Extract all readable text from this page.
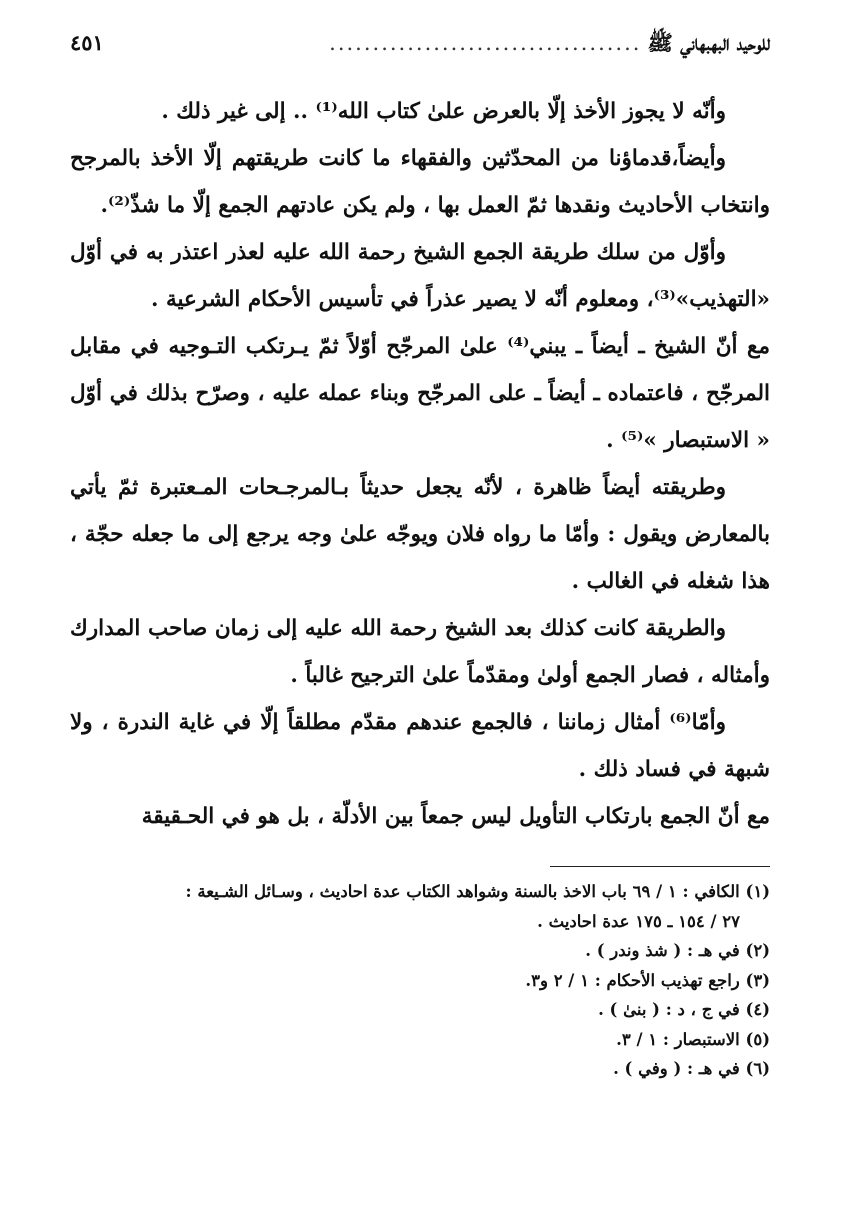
للوحيد البهبهاني ﷺ
....................................
٤٥١

وأنّه لا يجوز الأخذ إلّا بالعرض علىٰ كتاب الله⁽¹⁾ .. إلى غير ذلك .

وأيضاً،قدماؤنا من المحدّثين والفقهاء ما كانت طريقتهم إلّا الأخذ بالمرجح وانتخاب الأحاديث ونقدها ثمّ العمل بها ، ولم يكن عادتهم الجمع إلّا ما شذّ⁽²⁾.

وأوّل من سلك طريقة الجمع الشيخ رحمة الله عليه لعذر اعتذر به في أوّل «التهذيب»⁽³⁾، ومعلوم أنّه لا يصير عذراً في تأسيس الأحكام الشرعية .

مع أنّ الشيخ ـ أيضاً ـ يبني⁽⁴⁾ علىٰ المرجّح أوّلاً ثمّ يـرتكب التـوجيه في مقابل المرجّح ، فاعتماده ـ أيضاً ـ على المرجّح وبناء عمله عليه ، وصرّح بذلك في أوّل « الاستبصار »⁽⁵⁾ .

وطريقته أيضاً ظاهرة ، لأنّه يجعل حديثاً بـالمرجـحات المـعتبرة ثمّ يأتي بالمعارض ويقول : وأمّا ما رواه فلان ويوجّه علىٰ وجه يرجع إلى ما جعله حجّة ، هذا شغله في الغالب .

والطريقة كانت كذلك بعد الشيخ رحمة الله عليه إلى زمان صاحب المدارك وأمثاله ، فصار الجمع أولىٰ ومقدّماً علىٰ الترجيح غالباً .

وأمّا⁽⁶⁾ أمثال زماننا ، فالجمع عندهم مقدّم مطلقاً إلّا في غاية الندرة ، ولا شبهة في فساد ذلك .

مع أنّ الجمع بارتكاب التأويل ليس جمعاً بين الأدلّة ، بل هو في الحـقيقة

(١) الكافي : ١ / ٦٩ باب الاخذ بالسنة وشواهد الكتاب عدة احاديث ، وسـائل الشـيعة :

٢٧ / ١٥٤ ـ ١٧٥ عدة احاديث .

(٢) في هـ : ( شذ وندر ) .

(٣) راجع تهذيب الأحكام : ١ / ٢ و٣.

(٤) في ج ، د : ( بنىٰ ) .

(٥) الاستبصار : ١ / ٣.

(٦) في هـ : ( وفي ) .
